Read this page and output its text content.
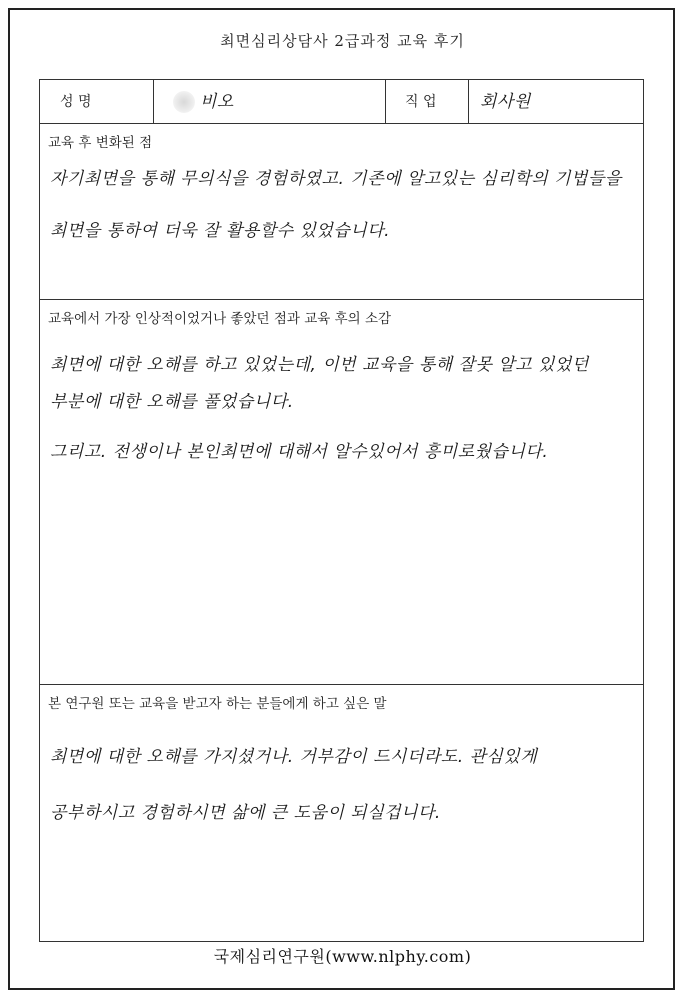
최면심리상담사 2급과정 교육 후기
성 명	비오	직 업	회사원
교육 후 변화된 점
자기최면을 통해 무의식을 경험하였고. 기존에 알고있는 심리학의 기법들을
최면을 통하여 더욱 잘 활용할수 있었습니다.
교육에서 가장 인상적이었거나 좋았던 점과 교육 후의 소감
최면에 대한 오해를 하고 있었는데, 이번 교육을 통해 잘못 알고 있었던
부분에 대한 오해를 풀었습니다.
그리고. 전생이나 본인최면에 대해서 알수있어서 흥미로웠습니다.
본 연구원 또는 교육을 받고자 하는 분들에게 하고 싶은 말
최면에 대한 오해를 가지셨거나. 거부감이 드시더라도. 관심있게
공부하시고 경험하시면 삶에 큰 도움이 되실겁니다.
국제심리연구원(www.nlphy.com)
